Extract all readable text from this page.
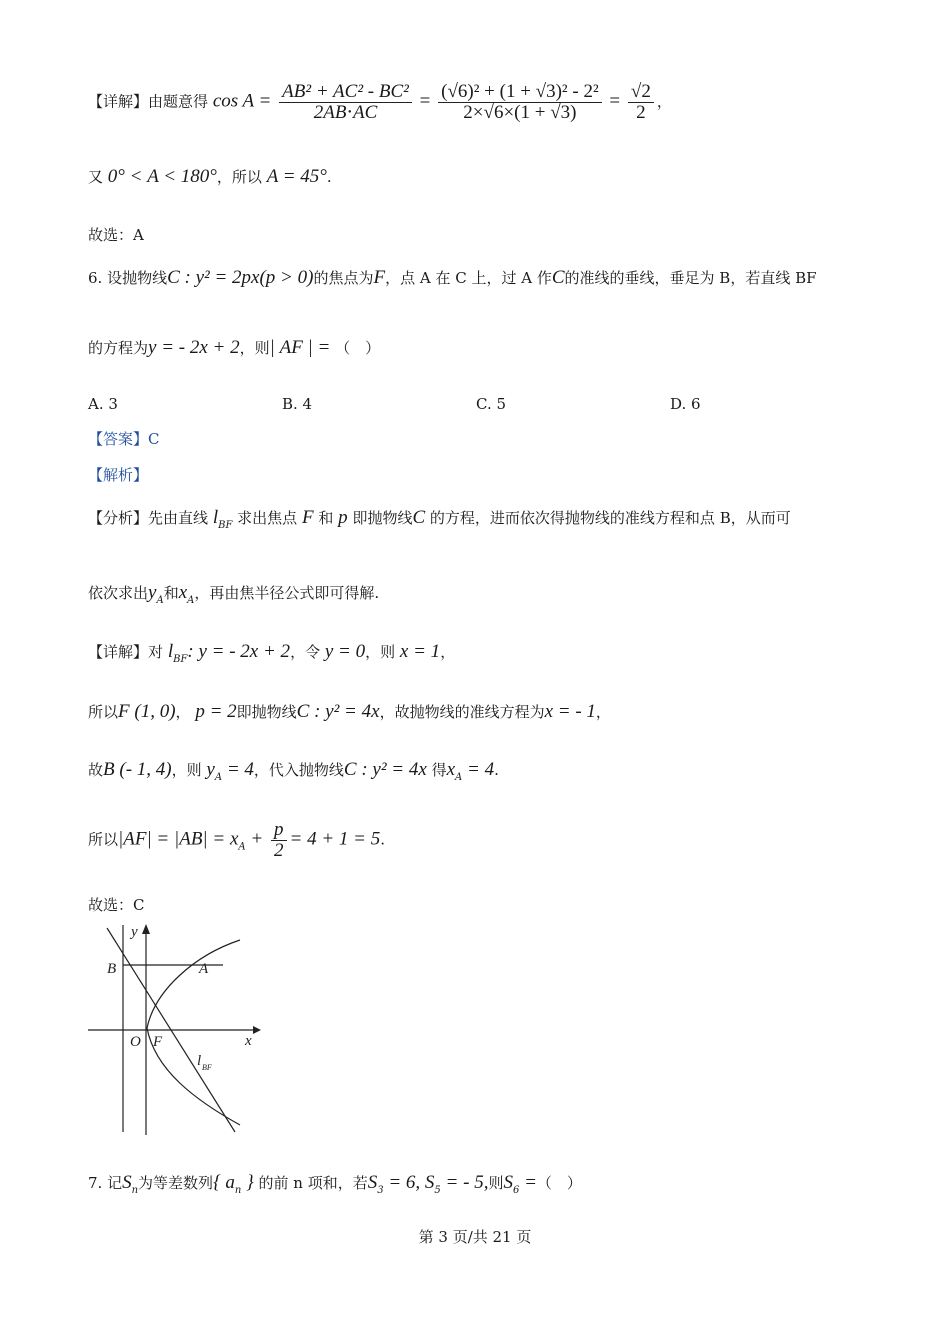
【详解】由题意得 $\cos A = \frac{\text{AB² + AC² - BC²}}{2AB\cdot AC} = \frac{\text{(√6)² + (1 + √3)² - 2²}}{2\times√6\times(1 + √3)} = \frac{√2}{2}$ ，
又 0° < A < 180°，所以 A = 45°.
故选：A
6. 设抛物线C : y² = 2px(p > 0)的焦点为F，点 A 在 C 上，过 A 作C的准线的垂线，垂足为 B，若直线 BF
的方程为y = - 2x + 2，则| AF | = （　）
A. 3	B. 4	C. 5	D. 6
【答案】C
【解析】
【分析】先由直线 $l_{BF}$ 求出焦点 F 和 p 即抛物线C 的方程，进而依次得抛物线的准线方程和点 B，从而可
依次求出$y_A$和$x_A$，再由焦半径公式即可得解.
【详解】对 $l_{BF}$: y = - 2x + 2，令 y = 0，则 x = 1，
所以F (1, 0)， p = 2即抛物线C : y² = 4x，故抛物线的准线方程为x = - 1，
故B (- 1, 4)，则 $y_A = 4$，代入抛物线C : y² = 4x 得$x_A = 4$.
所以$|AF| = |AB| = x_A + \frac{p}{2} = 4 + 1 = 5$.
故选：C
y
x
B	A
O F
l BF
7. 记$S_n$为等差数列{ $a_n$ } 的前 n 项和，若$S_3 = 6$, $S_5$ = - 5,则$S_6$ =（　）
第 3 页/共 21 页
